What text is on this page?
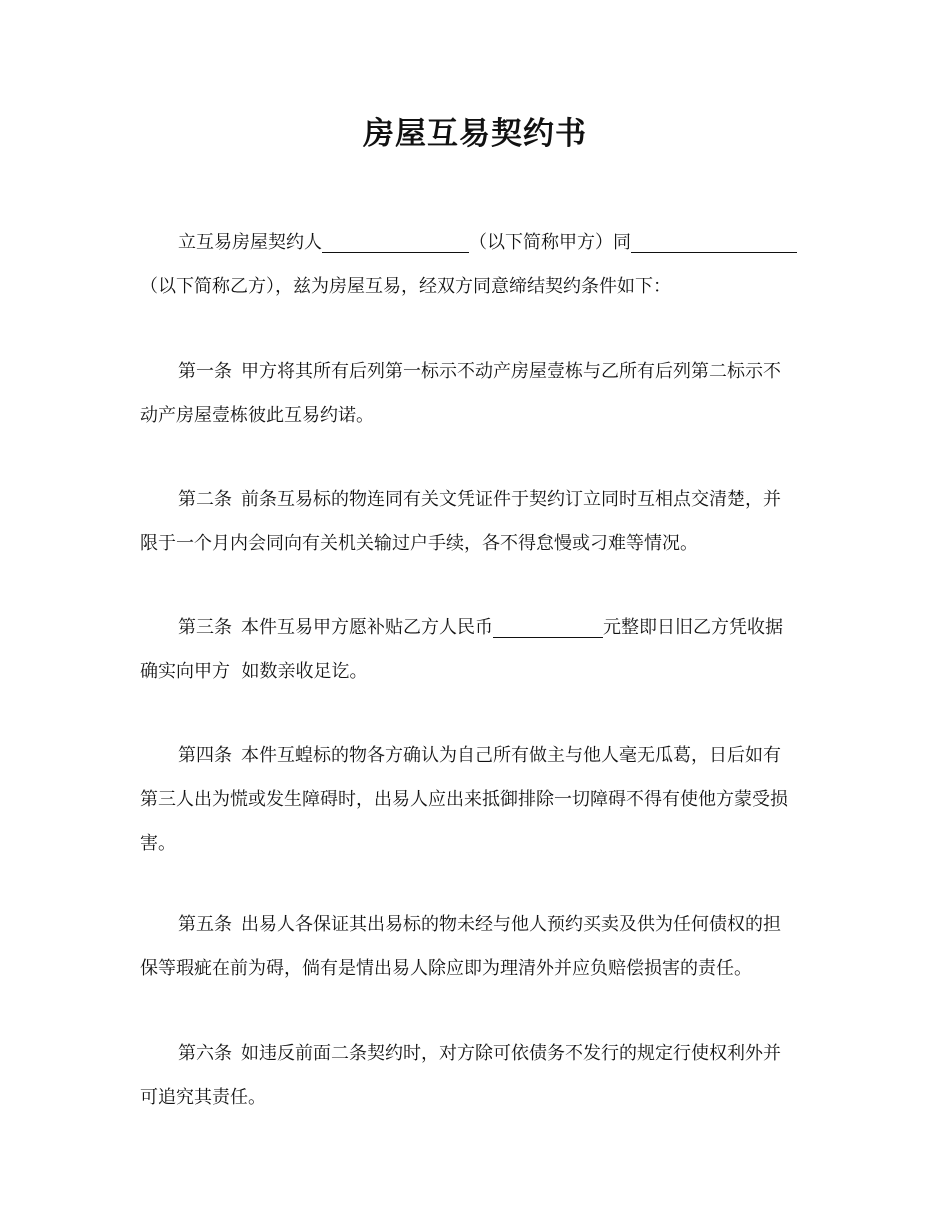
房屋互易契约书
立互易房屋契约人	（以下简称甲方）同
（以下简称乙方），兹为房屋互易，经双方同意缔结契约条件如下：
第一条 甲方将其所有后列第一标示不动产房屋壹栋与乙所有后列第二标示不
动产房屋壹栋彼此互易约诺。
第二条 前条互易标的物连同有关文凭证件于契约订立同时互相点交清楚，并
限于一个月内会同向有关机关输过户手续，各不得怠慢或刁难等情况。
第三条 本件互易甲方愿补贴乙方人民币	元整即日旧乙方凭收据
确实向甲方  如数亲收足讫。
第四条 本件互蝗标的物各方确认为自己所有做主与他人毫无瓜葛，日后如有
第三人出为慌或发生障碍时，出易人应出来抵御排除一切障碍不得有使他方蒙受损
害。
第五条 出易人各保证其出易标的物未经与他人预约买卖及供为任何债权的担
保等瑕疵在前为碍，倘有是情出易人除应即为理清外并应负赔偿损害的责任。
第六条 如违反前面二条契约时，对方除可依债务不发行的规定行使权利外并
可追究其责任。
